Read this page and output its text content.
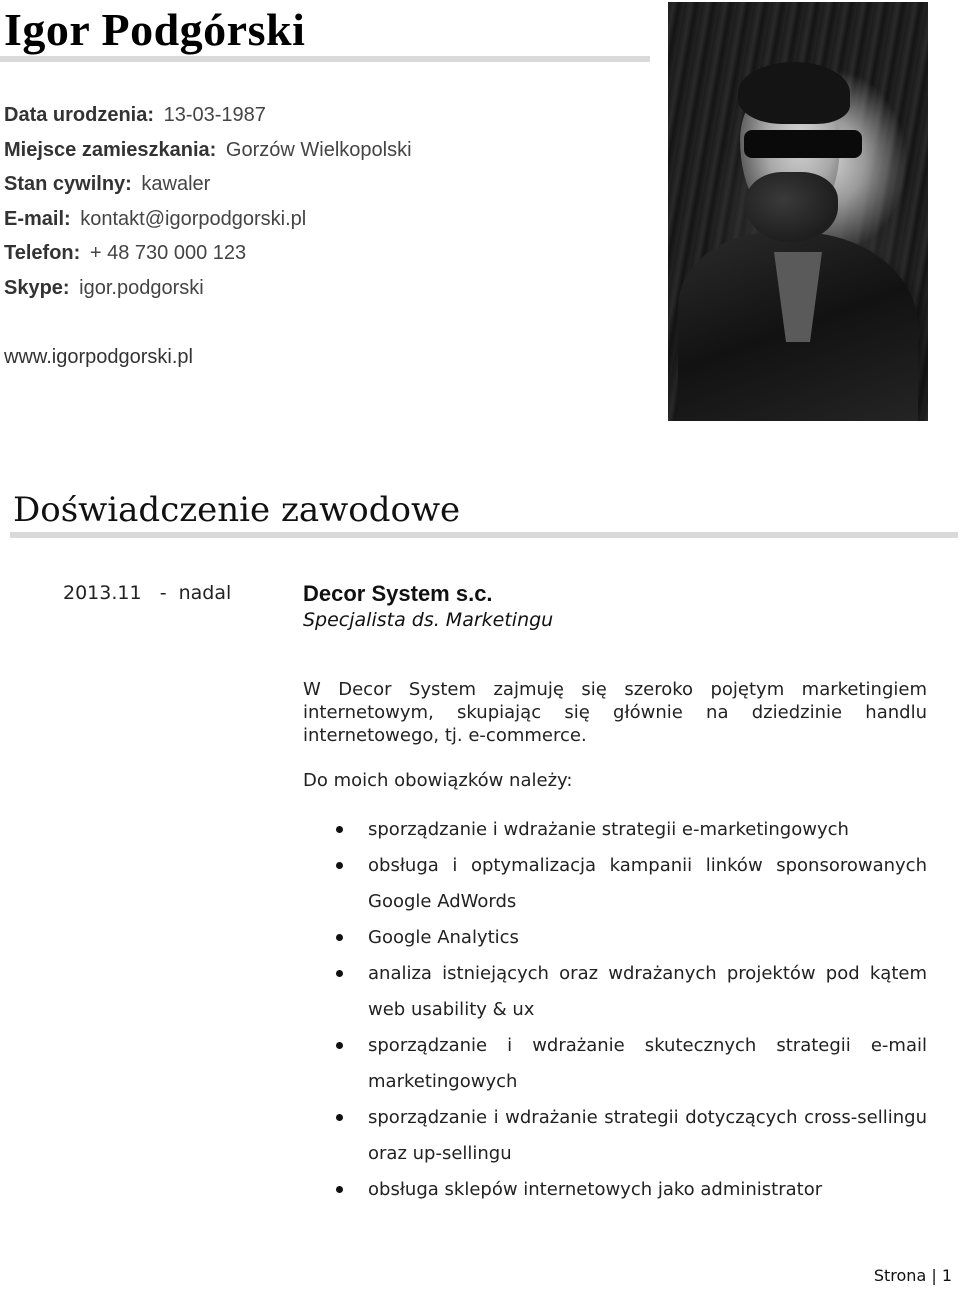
Igor Podgórski
Data urodzenia: 13-03-1987
Miejsce zamieszkania: Gorzów Wielkopolski
Stan cywilny: kawaler
E-mail: kontakt@igorpodgorski.pl
Telefon: + 48 730 000 123
Skype: igor.podgorski
www.igorpodgorski.pl
Doświadczenie zawodowe
2013.11   -  nadal	Decor System s.c.
Specjalista ds. Marketingu

W Decor System zajmuję się szeroko pojętym marketingiem internetowym, skupiając się głównie na dziedzinie handlu internetowego, tj. e-commerce.

Do moich obowiązków należy:

sporządzanie i wdrażanie strategii e-marketingowych
obsługa i optymalizacja kampanii linków sponsorowanych Google AdWords
Google Analytics
analiza istniejących oraz wdrażanych projektów pod kątem web usability & ux
sporządzanie i wdrażanie skutecznych strategii e-mail marketingowych
sporządzanie i wdrażanie strategii dotyczących cross-sellingu oraz up-sellingu
obsługa sklepów internetowych jako administrator
Strona | 1
